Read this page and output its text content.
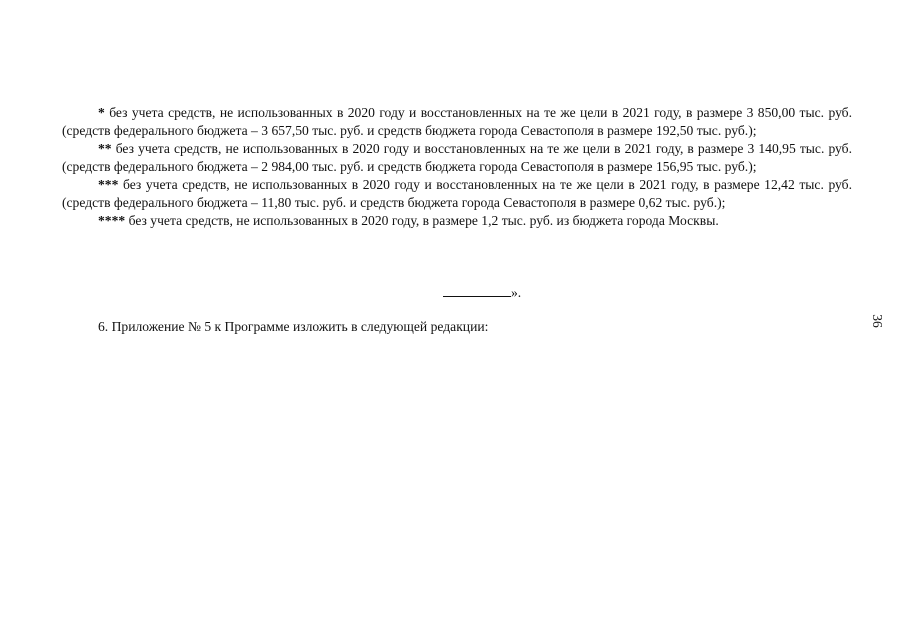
* без учета средств, не использованных в 2020 году и восстановленных на те же цели в 2021 году, в размере 3 850,00 тыс. руб. (средств федерального бюджета – 3 657,50 тыс. руб. и средств бюджета города Севастополя в размере 192,50 тыс. руб.);

** без учета средств, не использованных в 2020 году и восстановленных на те же цели в 2021 году, в размере 3 140,95 тыс. руб. (средств федерального бюджета – 2 984,00 тыс. руб. и средств бюджета города Севастополя в размере 156,95 тыс. руб.);

*** без учета средств, не использованных в 2020 году и восстановленных на те же цели в 2021 году, в размере 12,42 тыс. руб. (средств федерального бюджета – 11,80 тыс. руб. и средств бюджета города Севастополя в размере 0,62 тыс. руб.);

**** без учета средств, не использованных в 2020 году, в размере 1,2 тыс. руб. из бюджета города Москвы.

».
6. Приложение № 5 к Программе изложить в следующей редакции:	36
